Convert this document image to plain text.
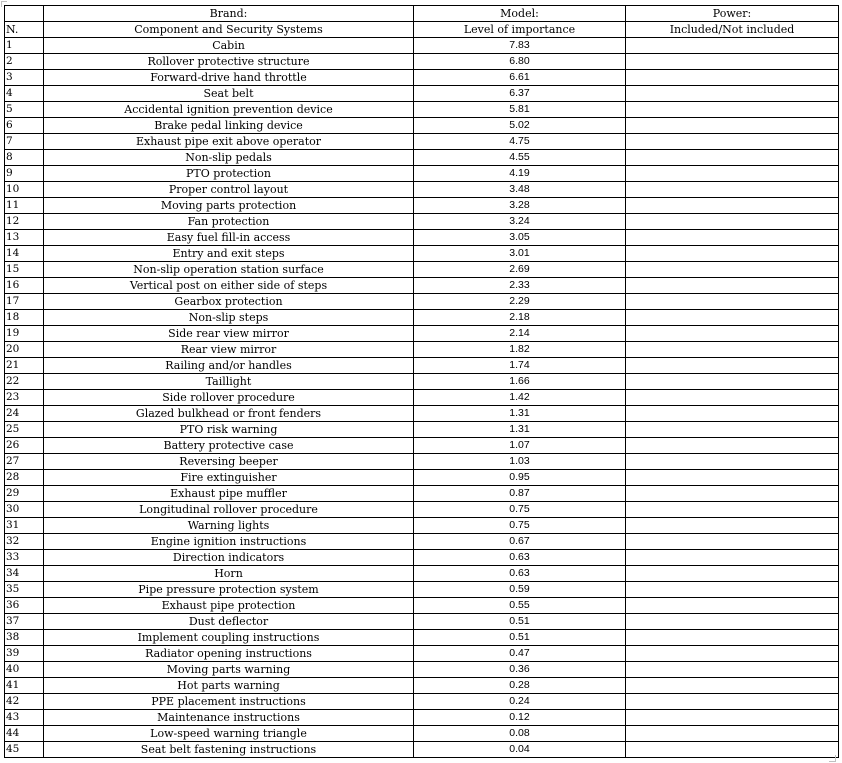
	Brand:	Model:	Power:
N.	Component and Security Systems	Level of importance	Included/Not included
1	Cabin	7.83	
2	Rollover protective structure	6.80	
3	Forward-drive hand throttle	6.61	
4	Seat belt	6.37	
5	Accidental ignition prevention device	5.81	
6	Brake pedal linking device	5.02	
7	Exhaust pipe exit above operator	4.75	
8	Non-slip pedals	4.55	
9	PTO protection	4.19	
10	Proper control layout	3.48	
11	Moving parts protection	3.28	
12	Fan protection	3.24	
13	Easy fuel fill-in access	3.05	
14	Entry and exit steps	3.01	
15	Non-slip operation station surface	2.69	
16	Vertical post on either side of steps	2.33	
17	Gearbox protection	2.29	
18	Non-slip steps	2.18	
19	Side rear view mirror	2.14	
20	Rear view mirror	1.82	
21	Railing and/or handles	1.74	
22	Taillight	1.66	
23	Side rollover procedure	1.42	
24	Glazed bulkhead or front fenders	1.31	
25	PTO risk warning	1.31	
26	Battery protective case	1.07	
27	Reversing beeper	1.03	
28	Fire extinguisher	0.95	
29	Exhaust pipe muffler	0.87	
30	Longitudinal rollover procedure	0.75	
31	Warning lights	0.75	
32	Engine ignition instructions	0.67	
33	Direction indicators	0.63	
34	Horn	0.63	
35	Pipe pressure protection system	0.59	
36	Exhaust pipe protection	0.55	
37	Dust deflector	0.51	
38	Implement coupling instructions	0.51	
39	Radiator opening instructions	0.47	
40	Moving parts warning	0.36	
41	Hot parts warning	0.28	
42	PPE placement instructions	0.24	
43	Maintenance instructions	0.12	
44	Low-speed warning triangle	0.08	
45	Seat belt fastening instructions	0.04	
